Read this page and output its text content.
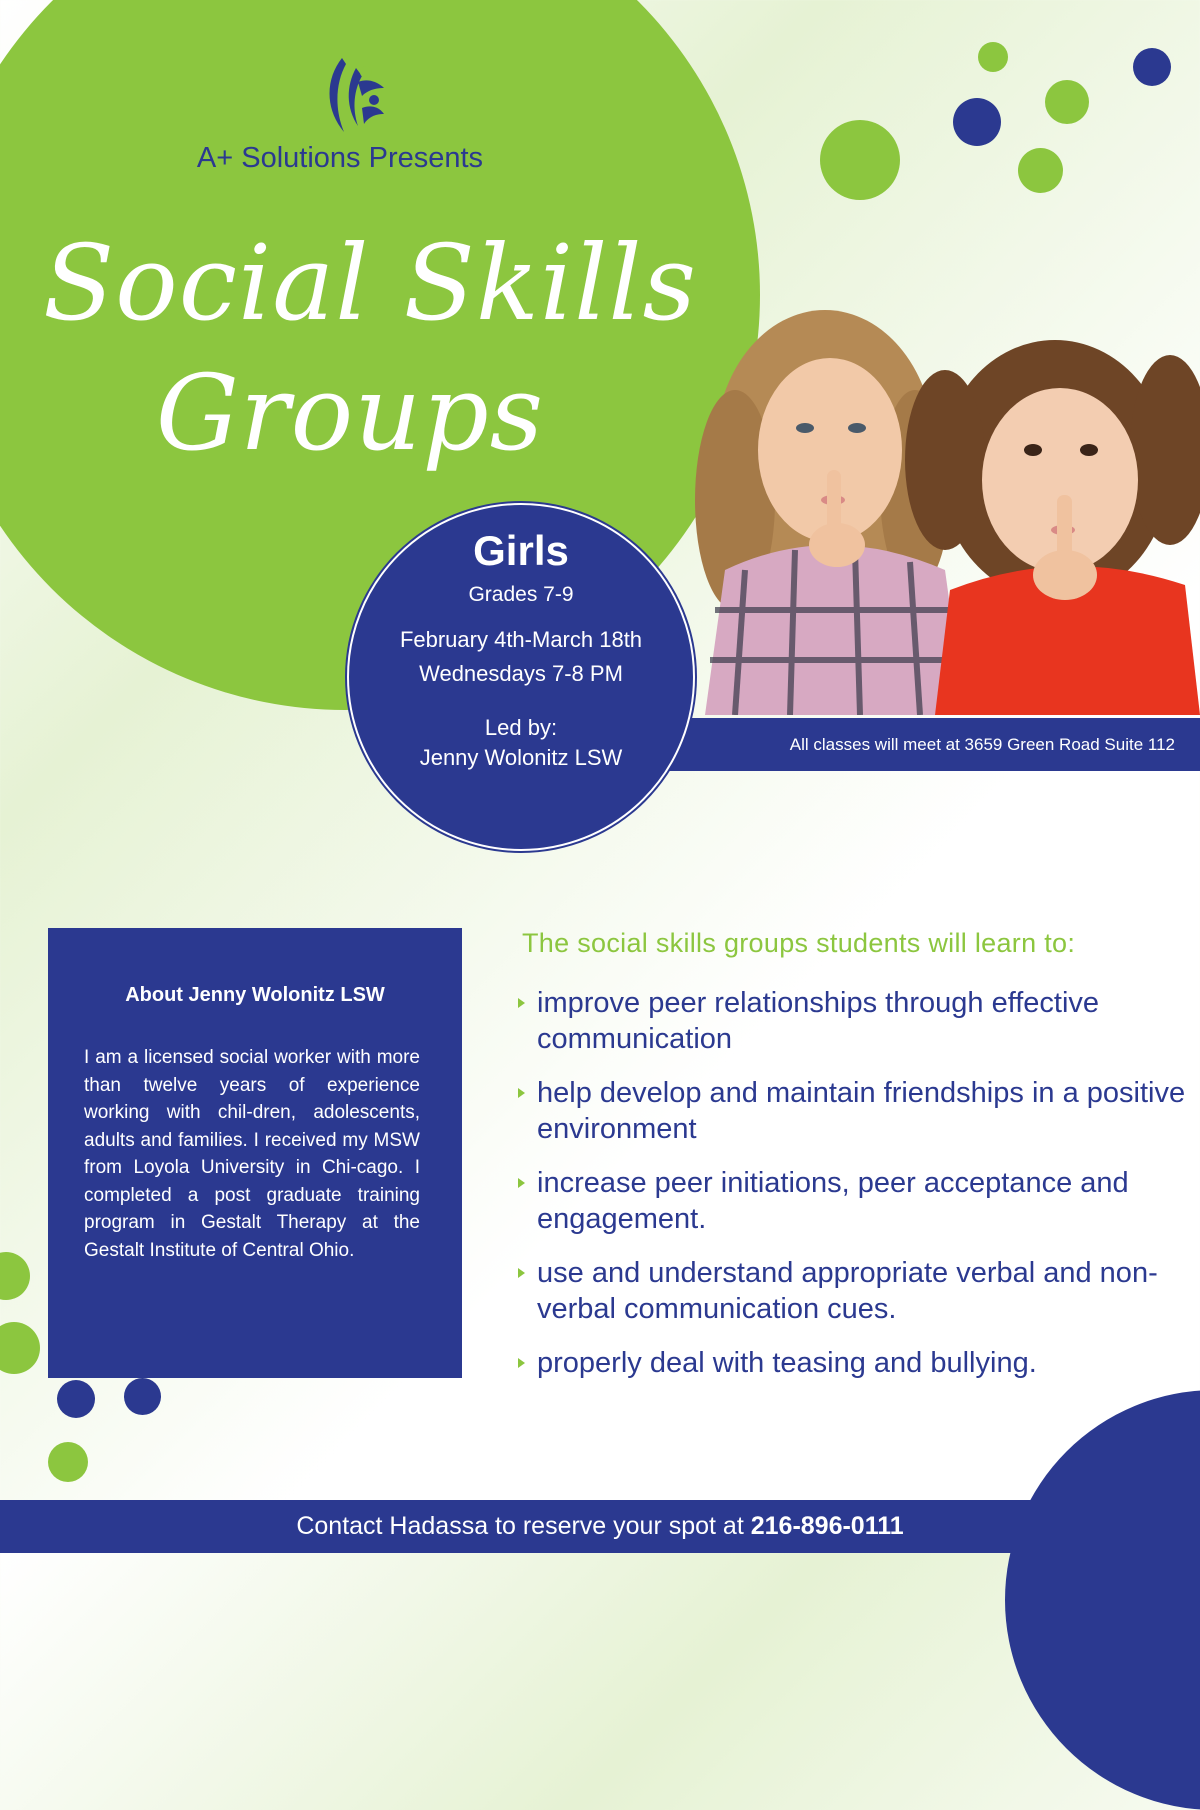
A+ Solutions Presents
Social Skills
Groups
All classes will meet at 3659 Green Road Suite 112
Girls
Grades 7-9
February 4th-March 18th
Wednesdays 7-8 PM
Led by:
Jenny Wolonitz LSW
About Jenny Wolonitz LSW
I am a licensed social worker with more than twelve years of experience working with chil-dren, adolescents, adults and families. I received my MSW from Loyola University in Chi-cago. I completed a post graduate training program in Gestalt Therapy at the Gestalt Institute of Central Ohio.
The social skills groups students will learn to:
improve peer relationships through effective communication
help develop and maintain friendships in a positive environment
increase peer initiations, peer acceptance and engagement.
use and understand appropriate verbal and non-verbal communication cues.
properly deal with teasing and bullying.
Contact Hadassa to reserve your spot at 216-896-0111
